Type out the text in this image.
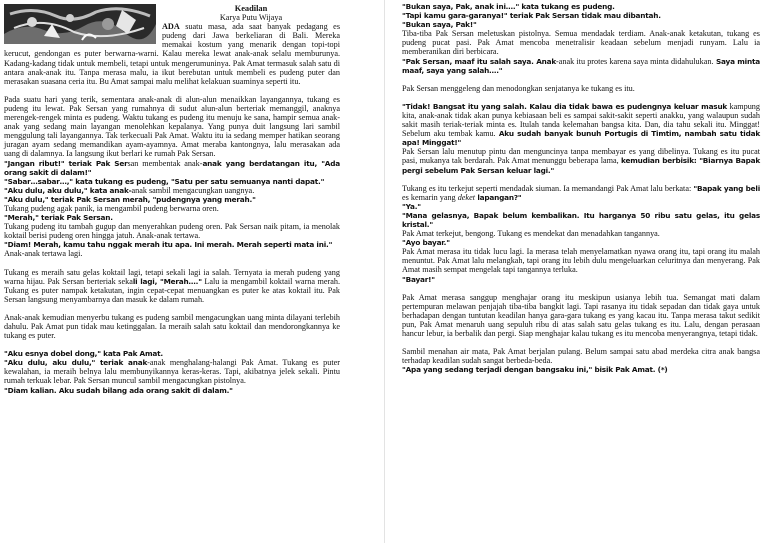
Keadilan

Karya Putu Wijaya

ADA suatu masa, ada saat banyak pedagang es pudeng dari Jawa berkeliaran di Bali. Mereka memakai kostum yang menarik dengan topi-topi kerucut, gendongan es puter berwarna-warni. Kalau mereka lewat anak-anak selalu memburunya. Kadang-kadang tidak untuk membeli, tetapi untuk mengerumuninya. Pak Amat termasuk salah satu di antara anak-anak itu. Tanpa merasa malu, ia ikut berebutan untuk membeli es pudeng puter dan merasakan suasana ceria itu. Bu Amat sampai malu melihat kelakuan suaminya seperti itu.

Pada suatu hari yang terik, sementara anak-anak di alun-alun menaikkan layangannya, tukang es pudeng itu lewat. Pak Sersan yang rumahnya di sudut alun-alun berteriak memanggil, anaknya merengek-rengek minta es pudeng. Waktu tukang es pudeng itu menuju ke sana, hampir semua anak-anak yang sedang main layangan menolehkan kepalanya. Yang punya duit langsung lari sambil menggulung tali layangannya. Tak terkecuali Pak Amat. Waktu itu ia sedang memper hatikan seorang juragan ayam sedang memandikan ayam-ayamnya. Amat meraba kantongnya, lalu merasakan ada uang di dalamnya. Ia langsung ikut berlari ke rumah Pak Sersan.

"Jangan ribut!" teriak Pak Sersan membentak anak-anak yang berdatangan itu, "Ada orang sakit di dalam!"

"Sabar…sabar…," kata tukang es pudeng, "Satu per satu semuanya nanti dapat."

"Aku dulu, aku dulu," kata anak-anak sambil mengacungkan uangnya.

"Aku dulu," teriak Pak Sersan merah, "pudengnya yang merah."

Tukang pudeng agak panik, ia mengambil pudeng berwarna oren.

"Merah," teriak Pak Sersan.

Tukang pudeng itu tambah gugup dan menyerahkan pudeng oren. Pak Sersan naik pitam, ia menolak koktail berisi pudeng oren hingga jatuh. Anak-anak tertawa.

"Diam! Merah, kamu tahu nggak merah itu apa. Ini merah. Merah seperti mata ini."

Anak-anak tertawa lagi.

Tukang es meraih satu gelas koktail lagi, tetapi sekali lagi ia salah. Ternyata ia merah pudeng yang warna hijau. Pak Sersan berteriak sekali lagi, "Merah…." Lalu ia mengambil koktail warna merah. Tukang es puter nampak ketakutan, ingin cepat-cepat menuangkan es puter ke atas koktail itu. Pak Sersan langsung menyambarnya dan masuk ke dalam rumah.

Anak-anak kemudian menyerbu tukang es pudeng sambil mengacungkan uang minta dilayani terlebih dahulu. Pak Amat pun tidak mau ketinggalan. Ia meraih salah satu koktail dan mendorongkannya ke tukang es puter.

"Aku esnya dobel dong," kata Pak Amat.

"Aku dulu, aku dulu," teriak anak-anak menghalang-halangi Pak Amat. Tukang es puter kewalahan, ia meraih belnya lalu membunyikannya keras-keras. Tapi, akibatnya jelek sekali. Pintu rumah terkuak lebar. Pak Sersan muncul sambil mengacungkan pistolnya.

"Diam kalian. Aku sudah bilang ada orang sakit di dalam."

"Bukan saya, Pak, anak ini…." kata tukang es pudeng.

"Tapi kamu gara-garanya!" teriak Pak Sersan tidak mau dibantah.

"Bukan saya, Pak!"

Tiba-tiba Pak Sersan meletuskan pistolnya. Semua mendadak terdiam. Anak-anak ketakutan, tukang es pudeng pucat pasi. Pak Amat mencoba menetralisir keadaan sebelum menjadi runyam. Lalu ia memberanikan diri berbicara.

"Pak Sersan, maaf itu salah saya. Anak-anak itu protes karena saya minta didahulukan. Saya minta maaf, saya yang salah…."

Pak Sersan menggeleng dan menodongkan senjatanya ke tukang es itu.

"Tidak! Bangsat itu yang salah. Kalau dia tidak bawa es pudengnya keluar masuk kampung kita, anak-anak tidak akan punya kebiasaan beli es sampai sakit-sakit seperti anakku, yang walaupun sudah sakit masih teriak-teriak minta es. Itulah tanda kelemahan bangsa kita. Dan, dia tahu sekali itu. Minggat! Sebelum aku tembak kamu. Aku sudah banyak bunuh Portugis di Timtim, nambah satu tidak apa! Minggat!"

Pak Sersan lalu menutup pintu dan menguncinya tanpa membayar es yang dibelinya. Tukang es itu pucat pasi, mukanya tak berdarah. Pak Amat menunggu beberapa lama, kemudian berbisik: "Biarnya Bapak pergi sebelum Pak Sersan keluar lagi."

Tukang es itu terkejut seperti mendadak siuman. Ia memandangi Pak Amat lalu berkata: "Bapak yang beli es kemarin yang deket lapangan?"

"Ya."

"Mana gelasnya, Bapak belum kembalikan. Itu harganya 50 ribu satu gelas, itu gelas kristal."

Pak Amat terkejut, bengong. Tukang es mendekat dan menadahkan tangannya.

"Ayo bayar."

Pak Amat merasa itu tidak lucu lagi. Ia merasa telah menyelamatkan nyawa orang itu, tapi orang itu malah menuntut. Pak Amat lalu melangkah, tapi orang itu lebih dulu mengeluarkan celuritnya dan menyerang. Pak Amat masih sempat mengelak tapi tangannya terluka.

"Bayar!"

Pak Amat merasa sanggup menghajar orang itu meskipun usianya lebih tua. Semangat mati dalam pertempuran melawan penjajah tiba-tiba bangkit lagi. Tapi rasanya itu tidak sepadan dan tidak gaya untuk berhadapan dengan tuntutan keadilan hanya gara-gara tukang es yang kacau itu. Tanpa merasa takut sedikit pun, Pak Amat menaruh uang sepuluh ribu di atas salah satu gelas tukang es itu. Lalu, dengan perasaan hancur lebur, ia berbalik dan pergi. Siap menghajar kalau tukang es itu mencoba menyerangnya, tetapi tidak.

Sambil menahan air mata, Pak Amat berjalan pulang. Belum sampai satu abad merdeka citra anak bangsa terhadap keadilan sudah sangat berbeda-beda.

"Apa yang sedang terjadi dengan bangsaku ini," bisik Pak Amat. (*)
